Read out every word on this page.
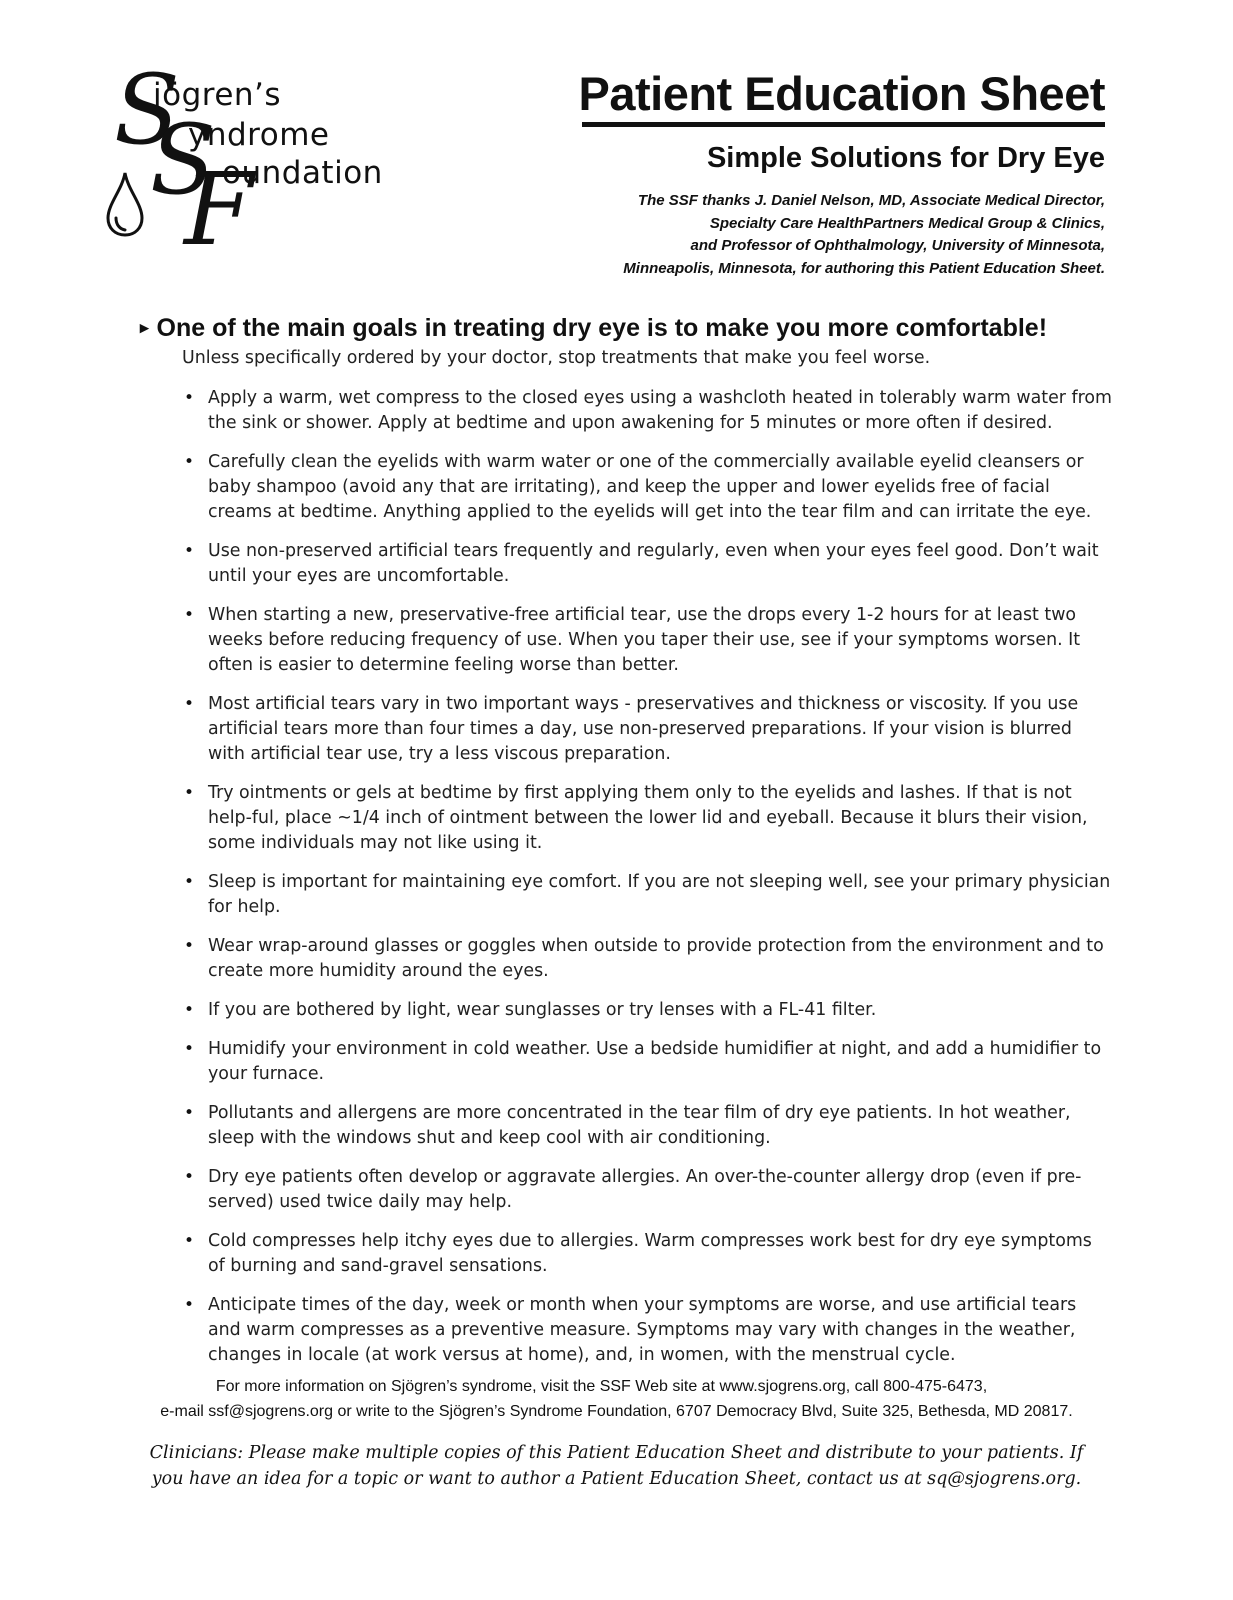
S
S
F
jögren’s
yndrome
oundation
Patient Education Sheet
Simple Solutions for Dry Eye
The SSF thanks J. Daniel Nelson, MD, Associate Medical Director,
Specialty Care HealthPartners Medical Group & Clinics,
and Professor of Ophthalmology, University of Minnesota,
Minneapolis, Minnesota, for authoring this Patient Education Sheet.
▸ One of the main goals in treating dry eye is to make you more comfortable!
Unless specifically ordered by your doctor, stop treatments that make you feel worse.
• Apply a warm, wet compress to the closed eyes using a washcloth heated in tolerably warm water from the sink or shower. Apply at bedtime and upon awakening for 5 minutes or more often if desired.
• Carefully clean the eyelids with warm water or one of the commercially available eyelid cleansers or baby shampoo (avoid any that are irritating), and keep the upper and lower eyelids free of facial creams at bedtime. Anything applied to the eyelids will get into the tear film and can irritate the eye.
• Use non-preserved artificial tears frequently and regularly, even when your eyes feel good. Don’t wait until your eyes are uncomfortable.
• When starting a new, preservative-free artificial tear, use the drops every 1-2 hours for at least two weeks before reducing frequency of use. When you taper their use, see if your symptoms worsen. It often is easier to determine feeling worse than better.
• Most artificial tears vary in two important ways - preservatives and thickness or viscosity. If you use artificial tears more than four times a day, use non-preserved preparations. If your vision is blurred with artificial tear use, try a less viscous preparation.
• Try ointments or gels at bedtime by first applying them only to the eyelids and lashes. If that is not help-ful, place ~1/4 inch of ointment between the lower lid and eyeball. Because it blurs their vision, some individuals may not like using it.
• Sleep is important for maintaining eye comfort. If you are not sleeping well, see your primary physician for help.
• Wear wrap-around glasses or goggles when outside to provide protection from the environment and to create more humidity around the eyes.
• If you are bothered by light, wear sunglasses or try lenses with a FL-41 filter.
• Humidify your environment in cold weather. Use a bedside humidifier at night, and add a humidifier to your furnace.
• Pollutants and allergens are more concentrated in the tear film of dry eye patients. In hot weather, sleep with the windows shut and keep cool with air conditioning.
• Dry eye patients often develop or aggravate allergies. An over-the-counter allergy drop (even if pre-served) used twice daily may help.
• Cold compresses help itchy eyes due to allergies. Warm compresses work best for dry eye symptoms of burning and sand-gravel sensations.
• Anticipate times of the day, week or month when your symptoms are worse, and use artificial tears and warm compresses as a preventive measure. Symptoms may vary with changes in the weather, changes in locale (at work versus at home), and, in women, with the menstrual cycle.
For more information on Sjögren’s syndrome, visit the SSF Web site at www.sjogrens.org, call 800-475-6473,
e-mail ssf@sjogrens.org or write to the Sjögren’s Syndrome Foundation, 6707 Democracy Blvd, Suite 325, Bethesda, MD 20817.
Clinicians: Please make multiple copies of this Patient Education Sheet and distribute to your patients. If
you have an idea for a topic or want to author a Patient Education Sheet, contact us at sq@sjogrens.org.
